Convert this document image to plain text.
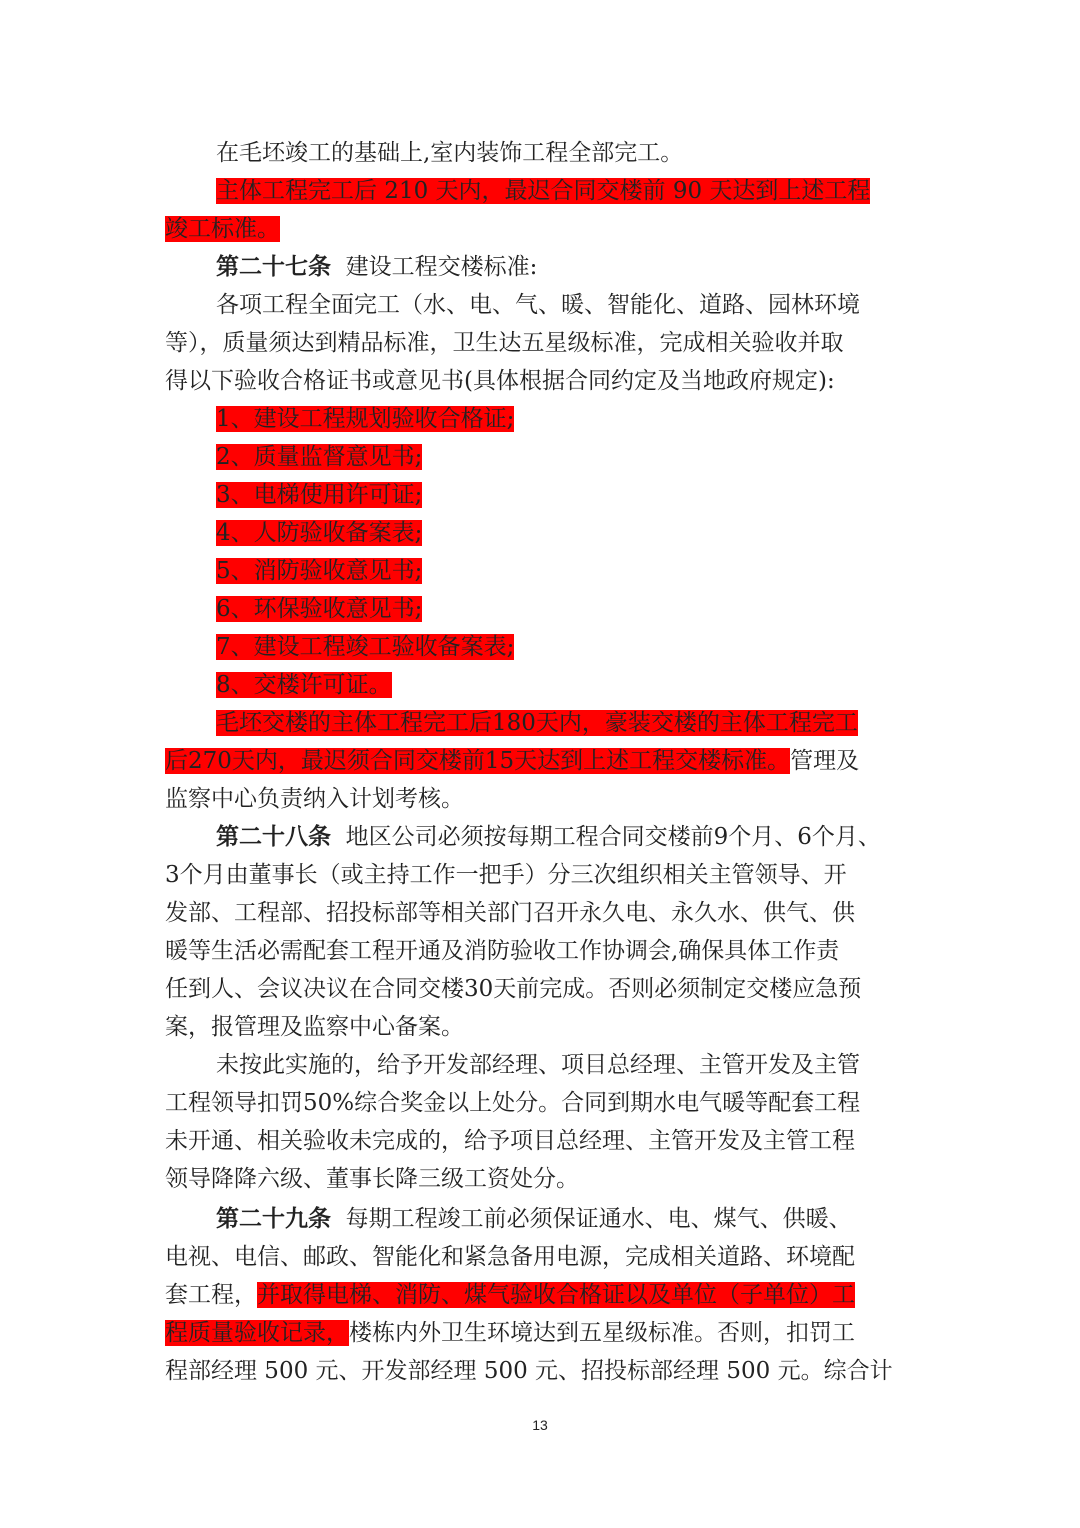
在毛坯竣工的基础上,室内装饰工程全部完工。
主体工程完工后 210 天内，最迟合同交楼前 90 天达到上述工程
竣工标准。
第二十七条 建设工程交楼标准:
各项工程全面完工（水、电、气、暖、智能化、道路、园林环境
等），质量须达到精品标准，卫生达五星级标准，完成相关验收并取
得以下验收合格证书或意见书(具体根据合同约定及当地政府规定):
1、建设工程规划验收合格证;
2、质量监督意见书;
3、电梯使用许可证;
4、人防验收备案表;
5、消防验收意见书;
6、环保验收意见书;
7、建设工程竣工验收备案表;
8、交楼许可证。
毛坯交楼的主体工程完工后180天内，豪装交楼的主体工程完工
后270天内，最迟须合同交楼前15天达到上述工程交楼标准。管理及
监察中心负责纳入计划考核。
第二十八条 地区公司必须按每期工程合同交楼前9个月、6个月、
3个月由董事长（或主持工作一把手）分三次组织相关主管领导、开
发部、工程部、招投标部等相关部门召开永久电、永久水、供气、供
暖等生活必需配套工程开通及消防验收工作协调会,确保具体工作责
任到人、会议决议在合同交楼30天前完成。否则必须制定交楼应急预
案，报管理及监察中心备案。
未按此实施的，给予开发部经理、项目总经理、主管开发及主管
工程领导扣罚50%综合奖金以上处分。合同到期水电气暖等配套工程
未开通、相关验收未完成的，给予项目总经理、主管开发及主管工程
领导降降六级、董事长降三级工资处分。
第二十九条 每期工程竣工前必须保证通水、电、煤气、供暖、
电视、电信、邮政、智能化和紧急备用电源，完成相关道路、环境配
套工程，并取得电梯、消防、煤气验收合格证以及单位（子单位）工
程质量验收记录，楼栋内外卫生环境达到五星级标准。否则，扣罚工
程部经理 500 元、开发部经理 500 元、招投标部经理 500 元。综合计
13
